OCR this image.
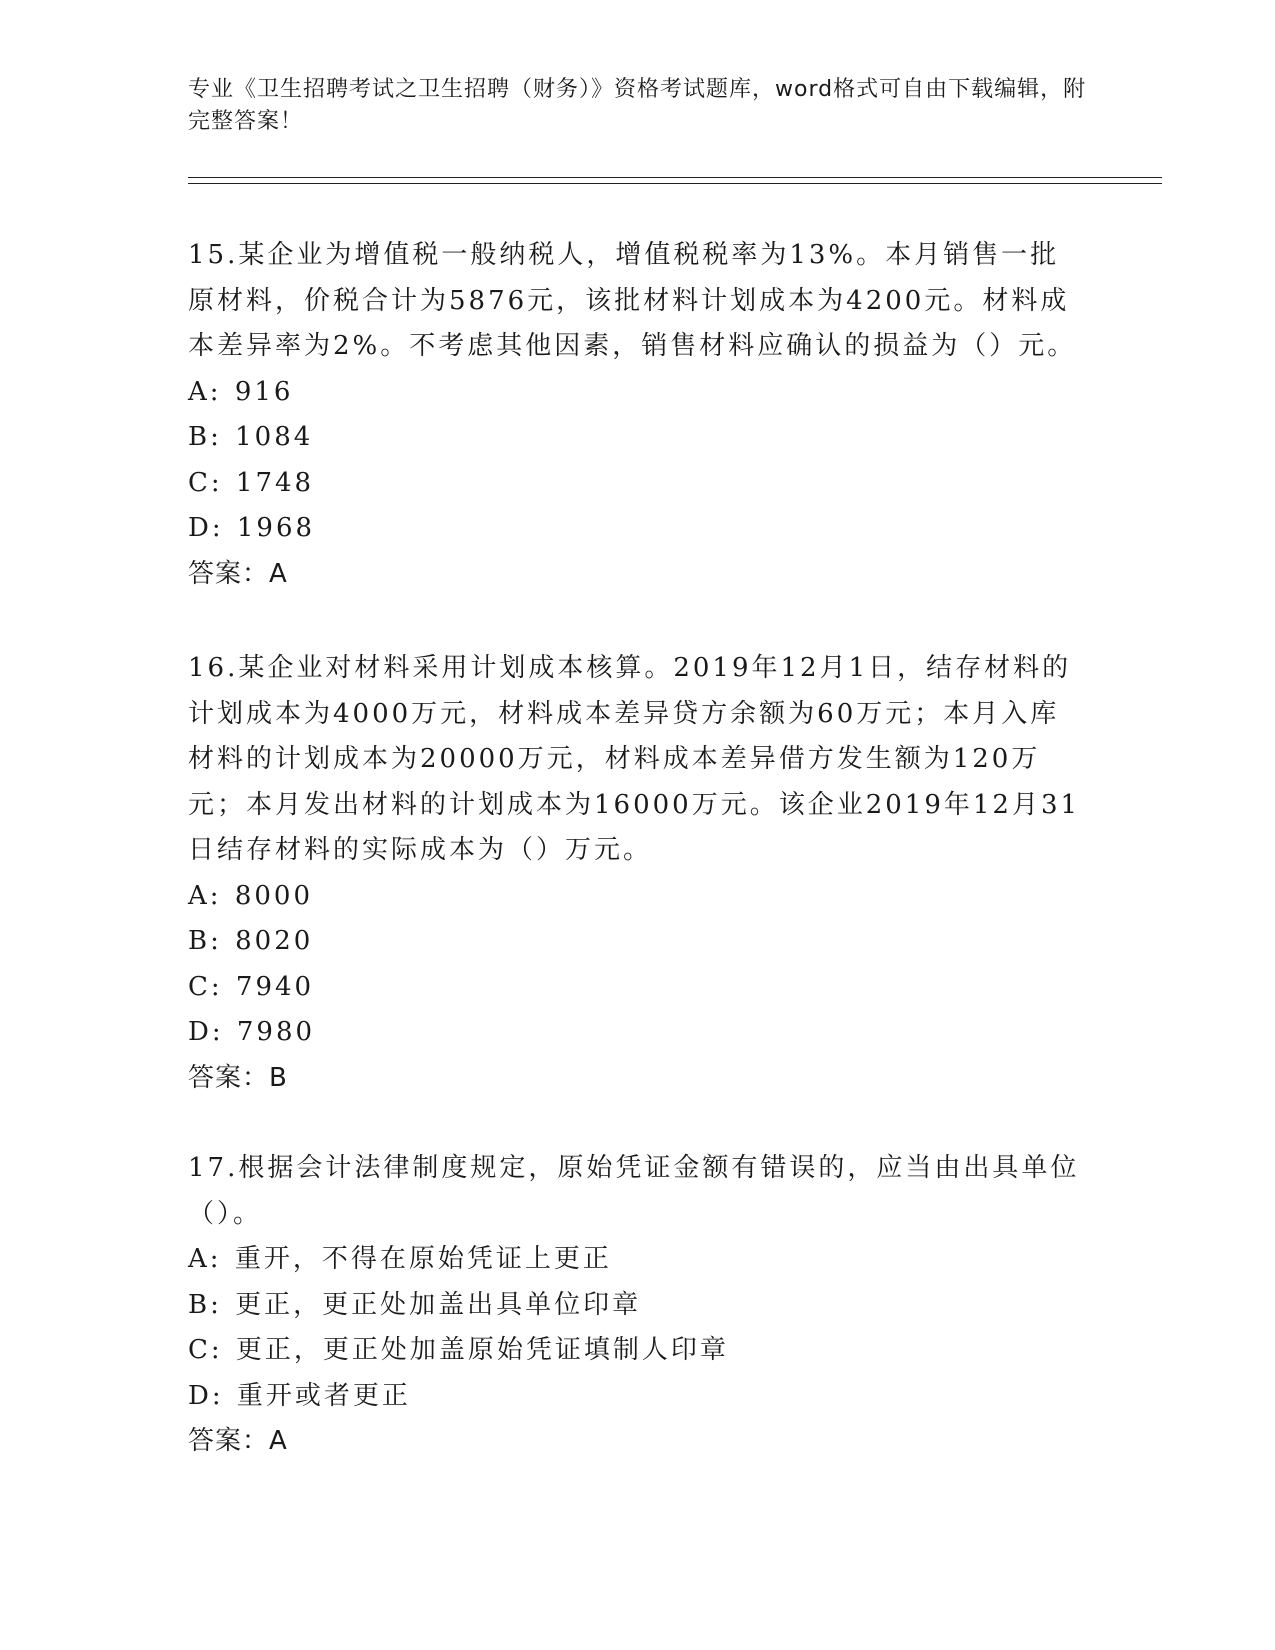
专业《卫生招聘考试之卫生招聘（财务）》资格考试题库，word格式可自由下载编辑，附完整答案！

15.某企业为增值税一般纳税人，增值税税率为13%。本月销售一批原材料，价税合计为5876元，该批材料计划成本为4200元。材料成本差异率为2%。不考虑其他因素，销售材料应确认的损益为（）元。

A: 916
B: 1084
C: 1748
D: 1968
答案：A

16.某企业对材料采用计划成本核算。2019年12月1日，结存材料的计划成本为4000万元，材料成本差异贷方余额为60万元；本月入库材料的计划成本为20000万元，材料成本差异借方发生额为120万元；本月发出材料的计划成本为16000万元。该企业2019年12月31日结存材料的实际成本为（）万元。

A: 8000
B: 8020
C: 7940
D: 7980
答案：B

17.根据会计法律制度规定，原始凭证金额有错误的，应当由出具单位（）。

A: 重开，不得在原始凭证上更正
B: 更正，更正处加盖出具单位印章
C: 更正，更正处加盖原始凭证填制人印章
D: 重开或者更正
答案：A
